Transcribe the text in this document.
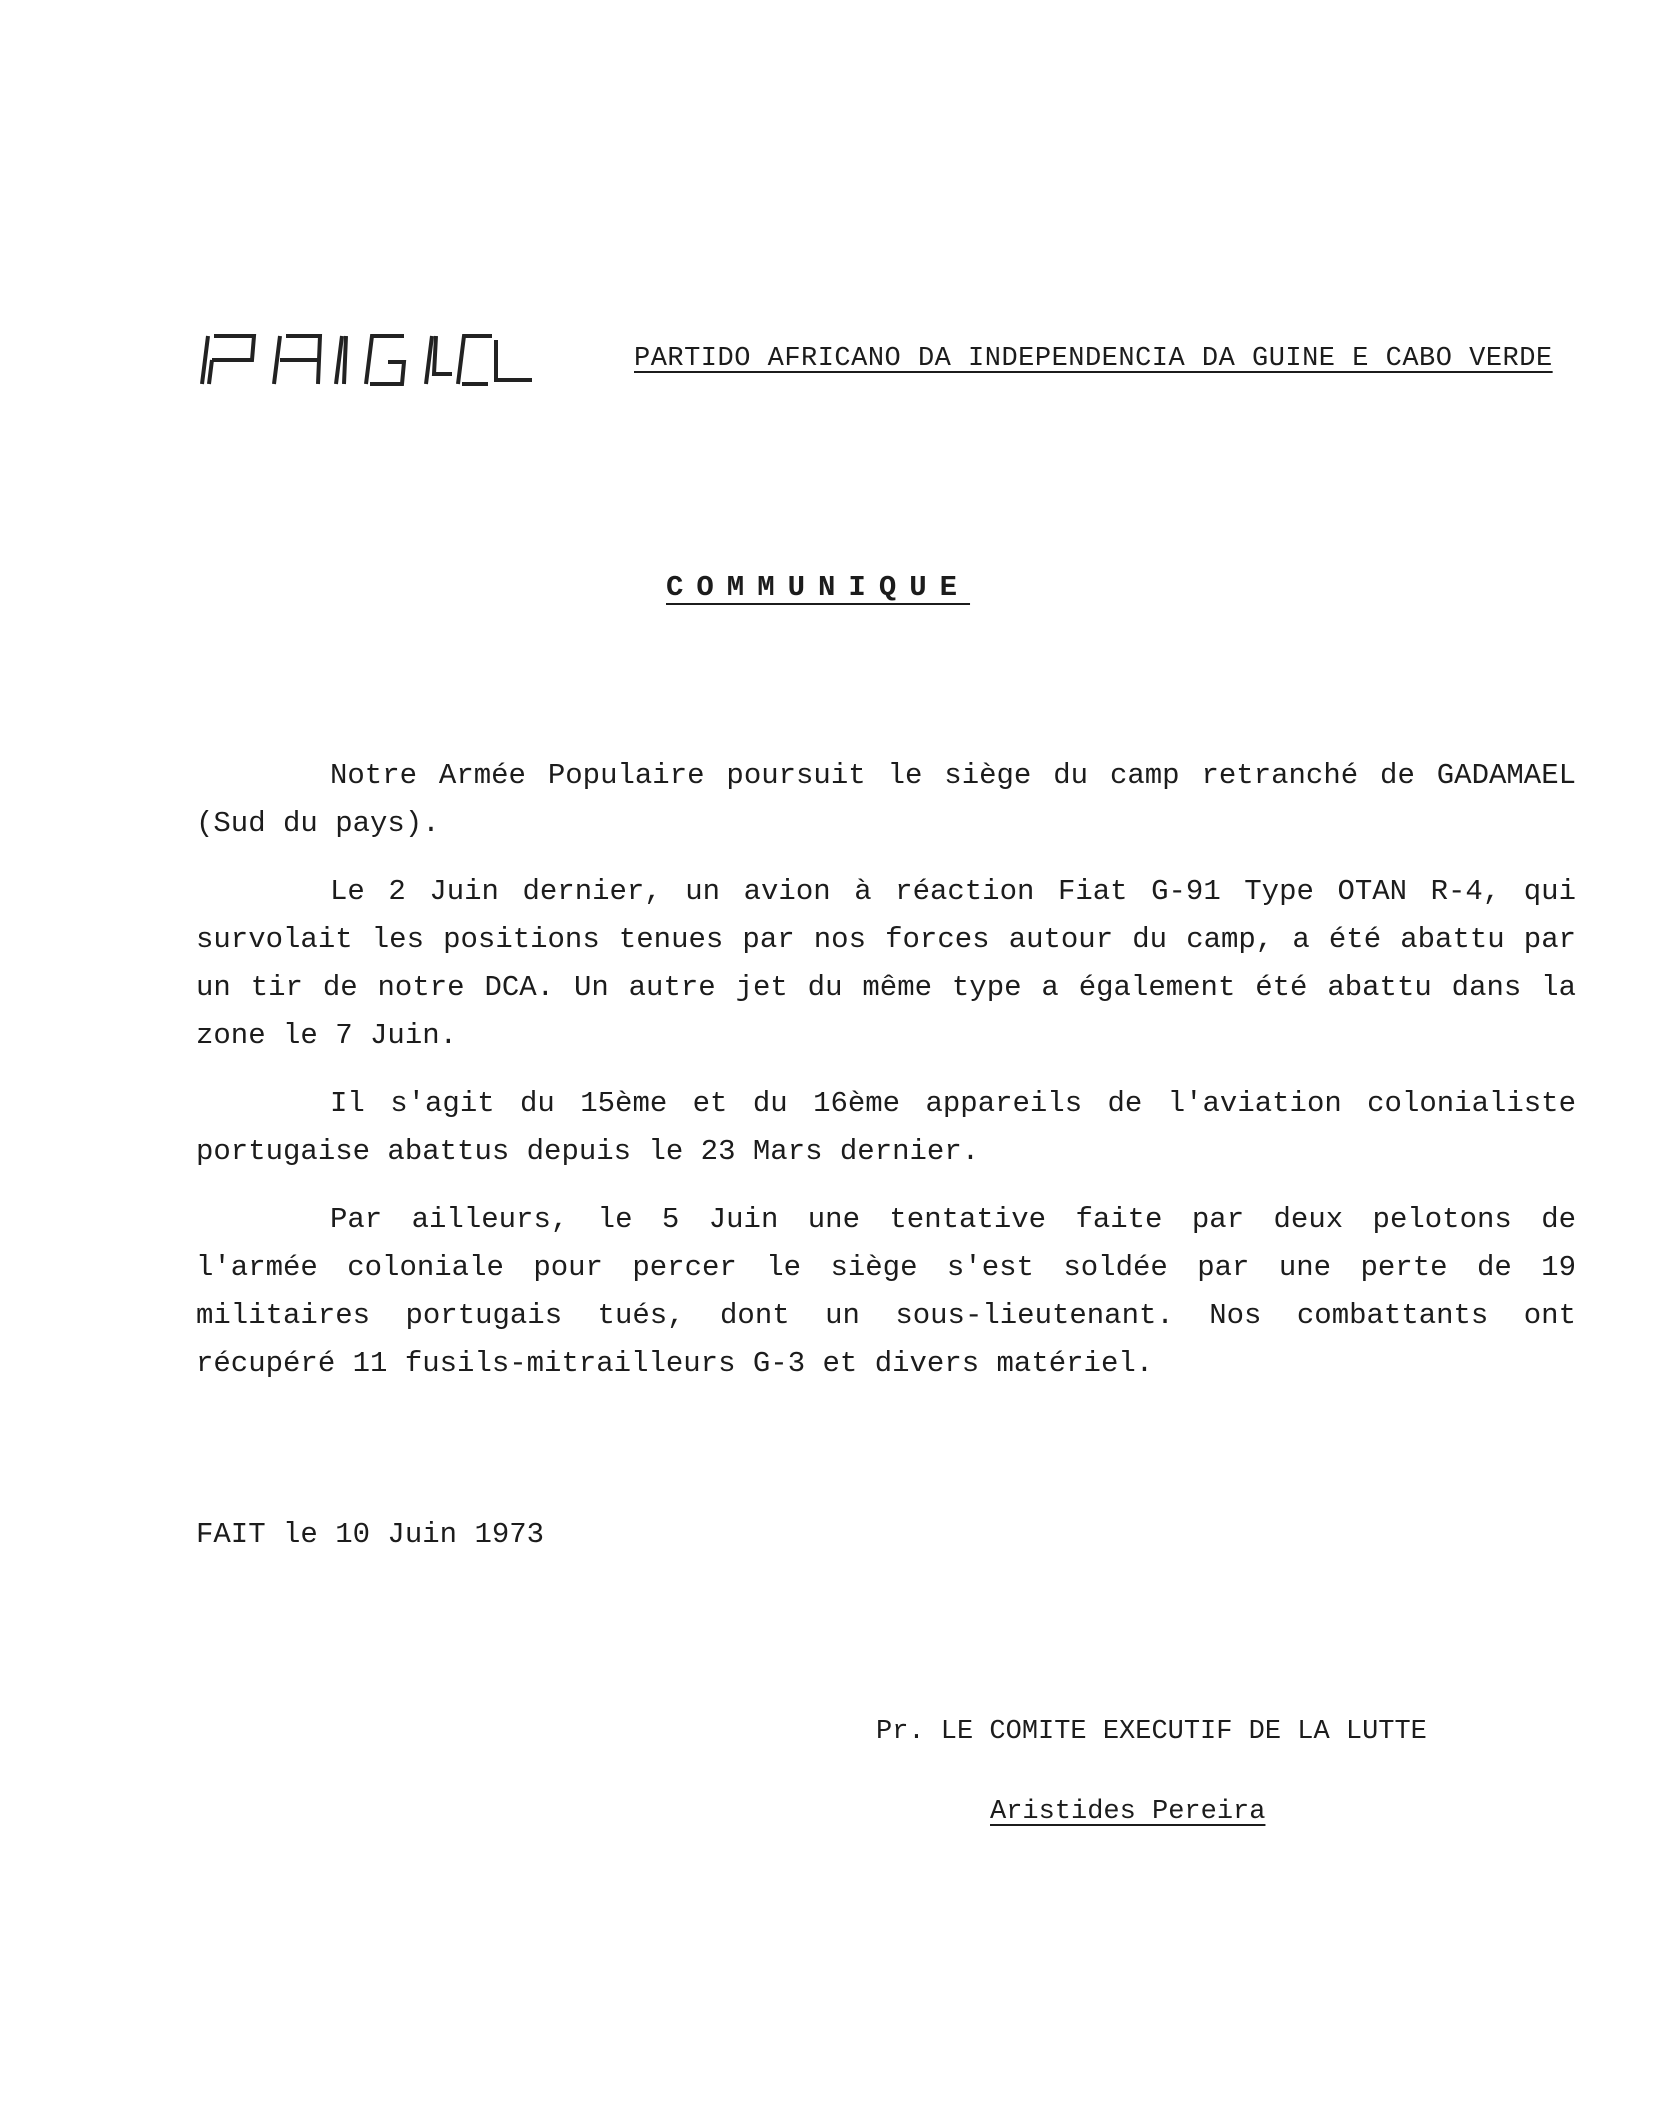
PAIGC
PARTIDO AFRICANO DA INDEPENDENCIA DA GUINE E CABO VERDE
COMMUNIQUE

Notre Armée Populaire poursuit le siège du camp retranché de GADAMAEL (Sud du pays).

Le 2 Juin dernier, un avion à réaction Fiat G-91 Type OTAN R-4, qui survolait les positions tenues par nos forces autour du camp, a été abattu par un tir de notre DCA. Un autre jet du même type a également été abattu dans la zone le 7 Juin.

Il s'agit du 15ème et du 16ème appareils de l'aviation colonialiste portugaise abattus depuis le 23 Mars dernier.

Par ailleurs, le 5 Juin une tentative faite par deux pelotons de l'armée coloniale pour percer le siège s'est soldée par une perte de 19 militaires portugais tués, dont un sous-lieutenant. Nos combattants ont récupéré 11 fusils-mitrailleurs G-3 et divers matériel.

FAIT le 10 Juin 1973
Pr. LE COMITE EXECUTIF DE LA LUTTE
Aristides Pereira
